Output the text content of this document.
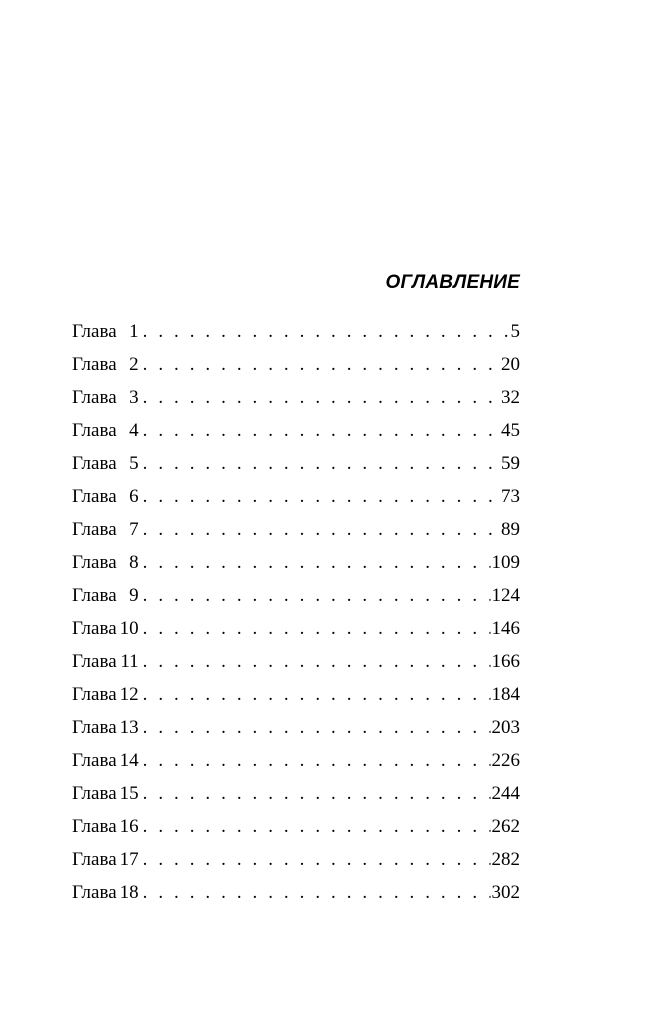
ОГЛАВЛЕНИЕ
Глава 1 . . .	5
Глава 2 . . .	20
Глава 3 . . .	32
Глава 4 . . .	45
Глава 5 . . .	59
Глава 6 . . .	73
Глава 7 . . .	89
Глава 8 . . .	109
Глава 9 . . .	124
Глава 10 . . .	146
Глава 11 . . .	166
Глава 12 . . .	184
Глава 13 . . .	203
Глава 14 . . .	226
Глава 15 . . .	244
Глава 16 . . .	262
Глава 17 . . .	282
Глава 18 . . .	302
